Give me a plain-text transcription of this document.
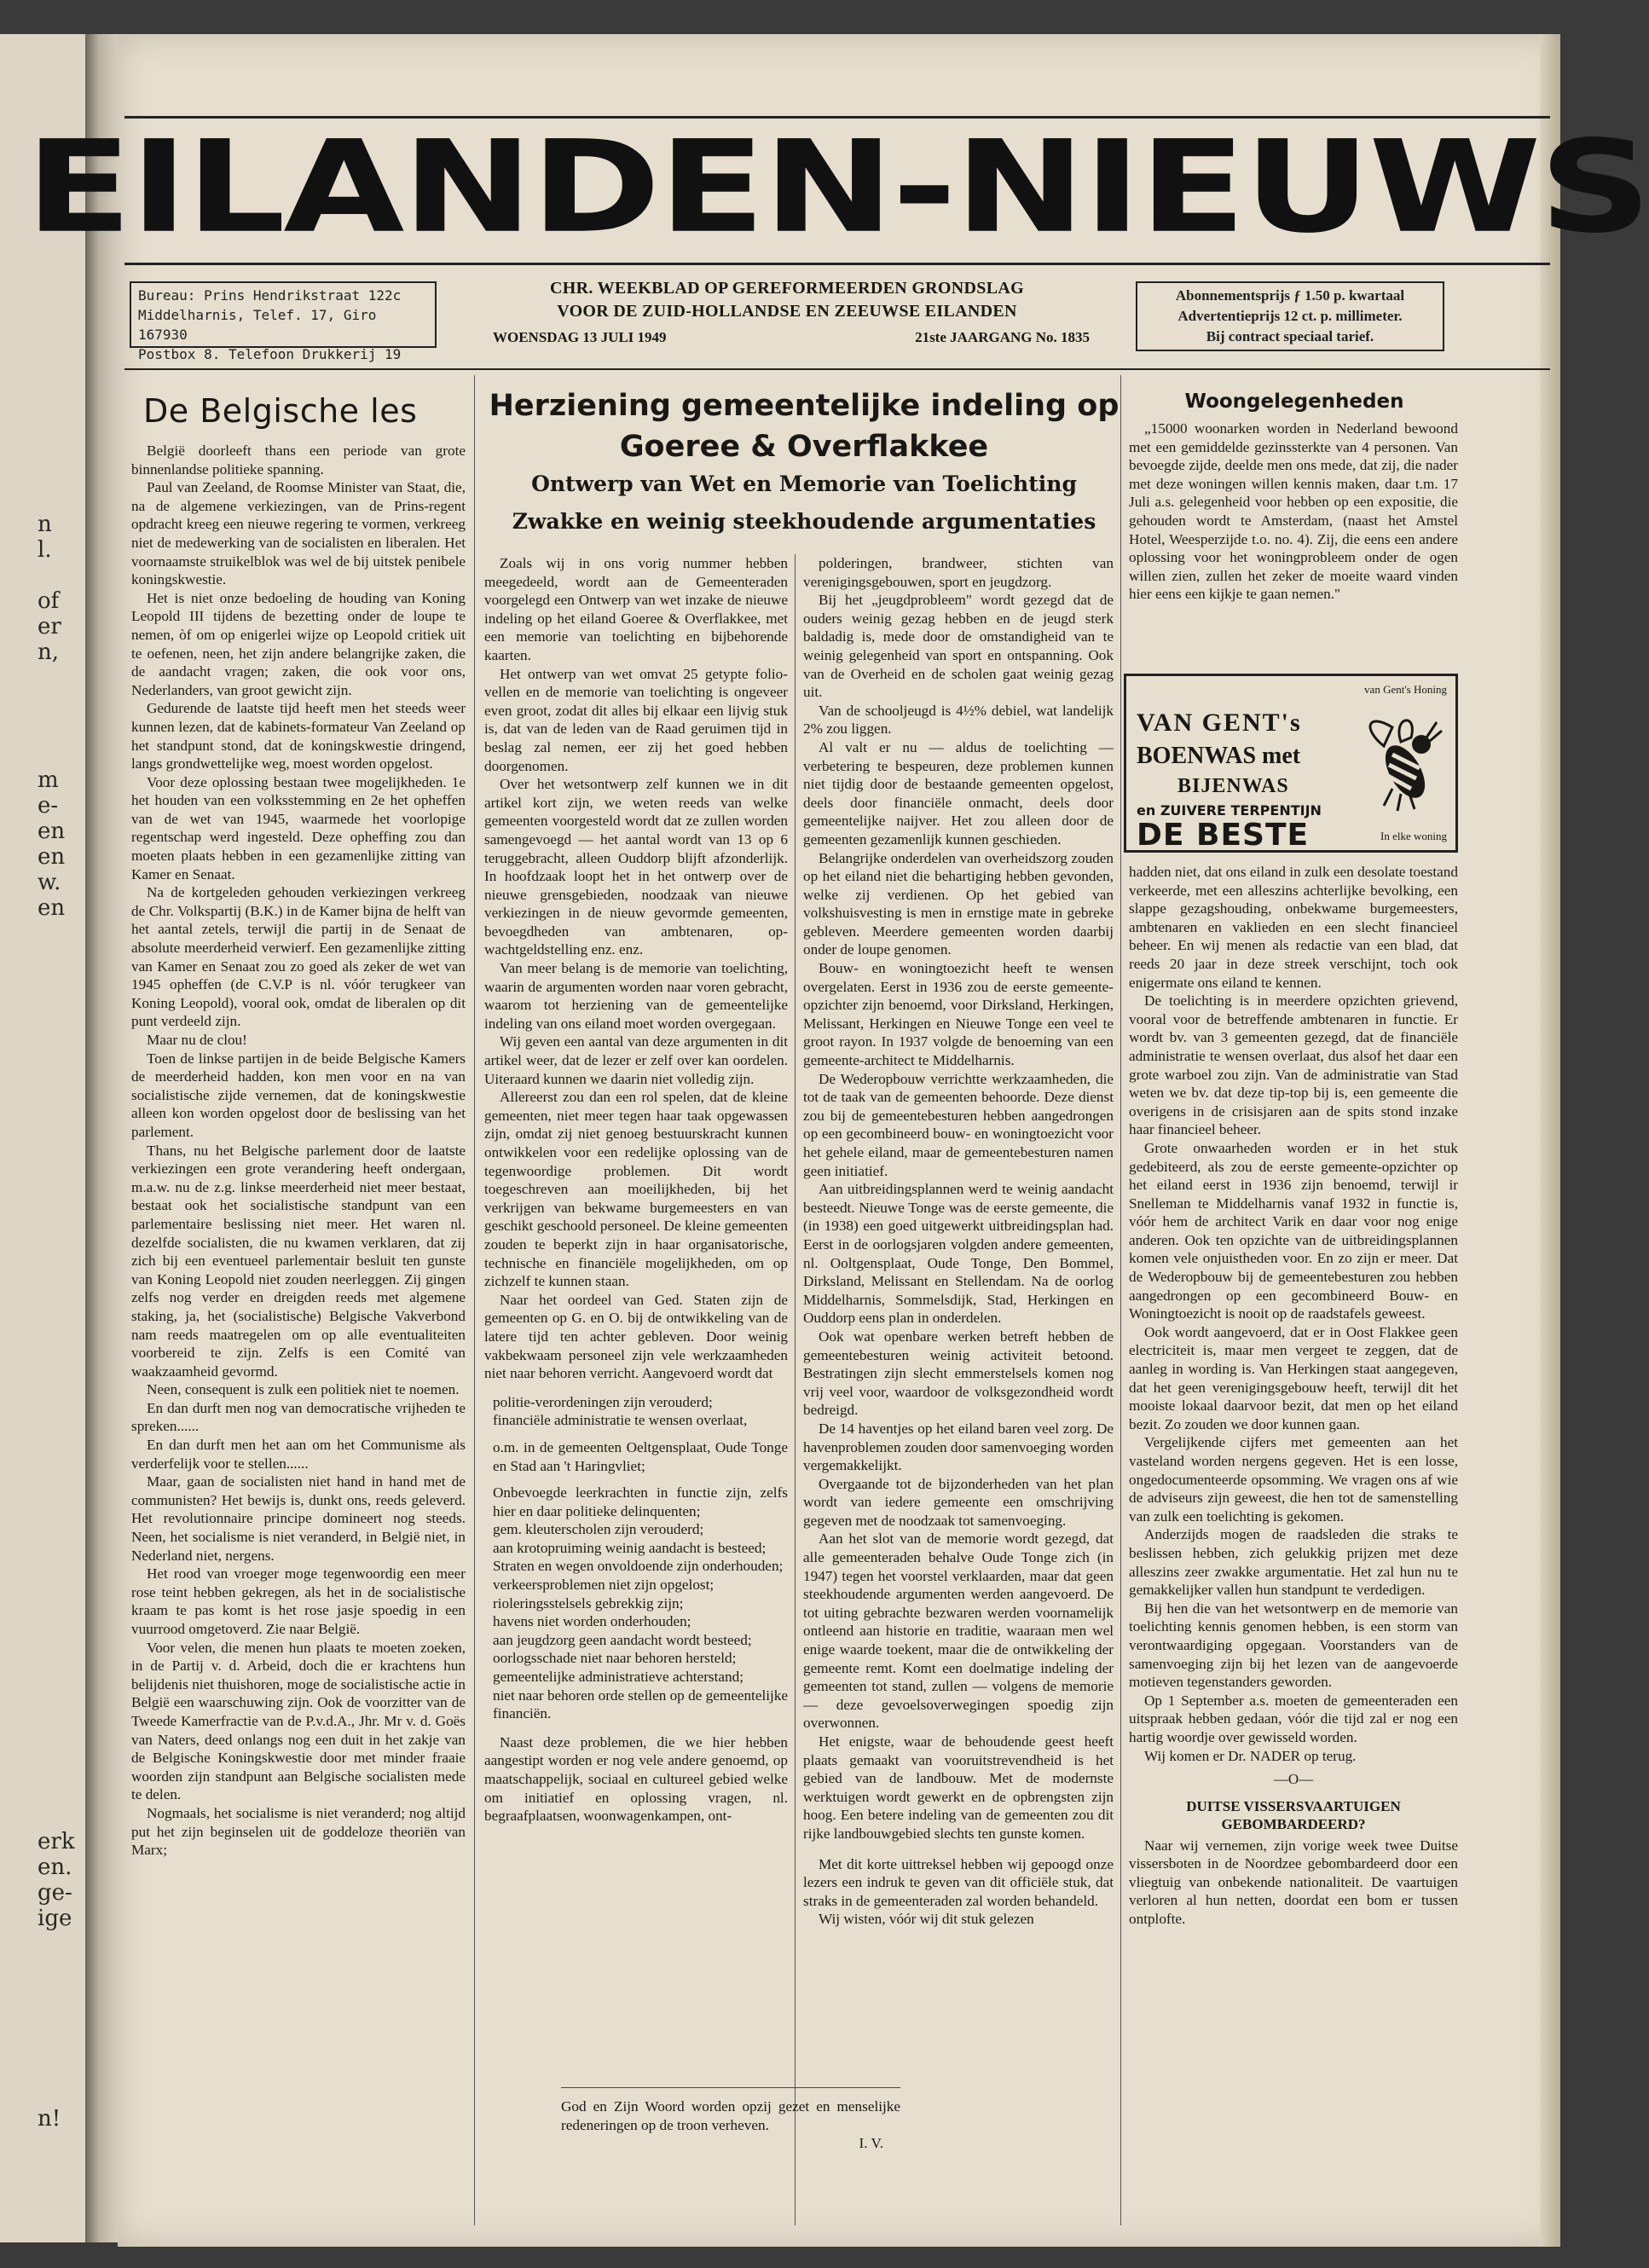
n
l.
of
er
n,
m
e-
en
en
w.
en
erk
en.
ge-
ige
n!
EILANDEN-NIEUWS
Bureau: Prins Hendrikstraat 122c
Middelharnis, Telef. 17, Giro 167930
Postbox 8. Telefoon Drukkerij 19
CHR. WEEKBLAD OP GEREFORMEERDEN GRONDSLAG
VOOR DE ZUID-HOLLANDSE EN ZEEUWSE EILANDEN
WOENSDAG 13 JULI 1949	21ste JAARGANG No. 1835
Abonnementsprijs ƒ 1.50 p. kwartaal
Advertentieprijs 12 ct. p. millimeter.
Bij contract speciaal tarief.
De Belgische les

België doorleeft thans een periode van grote binnenlandse politieke spanning.

Paul van Zeeland, de Roomse Minister van Staat, die, na de algemene verkiezingen, van de Prins-regent opdracht kreeg een nieuwe regering te vormen, verkreeg niet de medewerking van de socialisten en liberalen. Het voornaamste struikelblok was wel de bij uitstek penibele koningskwestie.

Het is niet onze bedoeling de houding van Koning Leopold III tijdens de bezetting onder de loupe te nemen, òf om op enigerlei wijze op Leopold critiek uit te oefenen, neen, het zijn andere belangrijke zaken, die de aandacht vragen; zaken, die ook voor ons, Nederlanders, van groot gewicht zijn.

Gedurende de laatste tijd heeft men het steeds weer kunnen lezen, dat de kabinets-formateur Van Zeeland op het standpunt stond, dat de koningskwestie dringend, langs grondwettelijke weg, moest worden opgelost.

Voor deze oplossing bestaan twee mogelijkheden. 1e het houden van een volksstemming en 2e het opheffen van de wet van 1945, waarmede het voorlopige regentschap werd ingesteld. Deze opheffing zou dan moeten plaats hebben in een gezamenlijke zitting van Kamer en Senaat.

Na de kortgeleden gehouden verkiezingen verkreeg de Chr. Volkspartij (B.K.) in de Kamer bijna de helft van het aantal zetels, terwijl die partij in de Senaat de absolute meerderheid verwierf. Een gezamenlijke zitting van Kamer en Senaat zou zo goed als zeker de wet van 1945 opheffen (de C.V.P is nl. vóór terugkeer van Koning Leopold), vooral ook, omdat de liberalen op dit punt verdeeld zijn.

Maar nu de clou!

Toen de linkse partijen in de beide Belgische Kamers de meerderheid hadden, kon men voor en na van socialistische zijde vernemen, dat de koningskwestie alleen kon worden opgelost door de beslissing van het parlement.

Thans, nu het Belgische parlement door de laatste verkiezingen een grote verandering heeft ondergaan, m.a.w. nu de z.g. linkse meerderheid niet meer bestaat, bestaat ook het socialistische standpunt van een parlementaire beslissing niet meer. Het waren nl. dezelfde socialisten, die nu kwamen verklaren, dat zij zich bij een eventueel parlementair besluit ten gunste van Koning Leopold niet zouden neerleggen. Zij gingen zelfs nog verder en dreigden reeds met algemene staking, ja, het (socialistische) Belgische Vakverbond nam reeds maatregelen om op alle eventualiteiten voorbereid te zijn. Zelfs is een Comité van waakzaamheid gevormd.

Neen, consequent is zulk een politiek niet te noemen.

En dan durft men nog van democratische vrijheden te spreken......

En dan durft men het aan om het Communisme als verderfelijk voor te stellen......

Maar, gaan de socialisten niet hand in hand met de communisten? Het bewijs is, dunkt ons, reeds geleverd. Het revolutionnaire principe domineert nog steeds. Neen, het socialisme is niet veranderd, in België niet, in Nederland niet, nergens.

Het rood van vroeger moge tegenwoordig een meer rose teint hebben gekregen, als het in de socialistische kraam te pas komt is het rose jasje spoedig in een vuurrood omgetoverd. Zie naar België.

Voor velen, die menen hun plaats te moeten zoeken, in de Partij v. d. Arbeid, doch die er krachtens hun belijdenis niet thuishoren, moge de socialistische actie in België een waarschuwing zijn. Ook de voorzitter van de Tweede Kamerfractie van de P.v.d.A., Jhr. Mr v. d. Goës van Naters, deed onlangs nog een duit in het zakje van de Belgische Koningskwestie door met minder fraaie woorden zijn standpunt aan Belgische socialisten mede te delen.

Nogmaals, het socialisme is niet veranderd; nog altijd put het zijn beginselen uit de goddeloze theoriën van Marx;

Herziening gemeentelijke indeling op Goeree & Overflakkee
Ontwerp van Wet en Memorie van Toelichting
Zwakke en weinig steekhoudende argumentaties

Zoals wij in ons vorig nummer hebben meegedeeld, wordt aan de Gemeenteraden voorgelegd een Ontwerp van wet inzake de nieuwe indeling op het eiland Goeree & Overflakkee, met een memorie van toelichting en bijbehorende kaarten.

Het ontwerp van wet omvat 25 getypte folio-vellen en de memorie van toelichting is ongeveer even groot, zodat dit alles bij elkaar een lijvig stuk is, dat van de leden van de Raad geruimen tijd in beslag zal nemen, eer zij het goed hebben doorgenomen.

Over het wetsontwerp zelf kunnen we in dit artikel kort zijn, we weten reeds van welke gemeenten voorgesteld wordt dat ze zullen worden samengevoegd — het aantal wordt van 13 op 6 teruggebracht, alleen Ouddorp blijft afzonderlijk. In hoofdzaak loopt het in het ontwerp over de nieuwe grensgebieden, noodzaak van nieuwe verkiezingen in de nieuw gevormde gemeenten, bevoegdheden van ambtenaren, op-wachtgeldstelling enz. enz.

Van meer belang is de memorie van toelichting, waarin de argumenten worden naar voren gebracht, waarom tot herziening van de gemeentelijke indeling van ons eiland moet worden overgegaan.

Wij geven een aantal van deze argumenten in dit artikel weer, dat de lezer er zelf over kan oordelen. Uiteraard kunnen we daarin niet volledig zijn.

Allereerst zou dan een rol spelen, dat de kleine gemeenten, niet meer tegen haar taak opgewassen zijn, omdat zij niet genoeg bestuurskracht kunnen ontwikkelen voor een redelijke oplossing van de tegenwoordige problemen. Dit wordt toegeschreven aan moeilijkheden, bij het verkrijgen van bekwame burgemeesters en van geschikt geschoold personeel. De kleine gemeenten zouden te beperkt zijn in haar organisatorische, technische en financiële mogelijkheden, om op zichzelf te kunnen staan.

Naar het oordeel van Ged. Staten zijn de gemeenten op G. en O. bij de ontwikkeling van de latere tijd ten achter gebleven. Door weinig vakbekwaam personeel zijn vele werkzaamheden niet naar behoren verricht. Aangevoerd wordt dat

politie-verordeningen zijn verouderd;
financiële administratie te wensen overlaat,
o.m. in de gemeenten Oeltgensplaat, Oude Tonge en Stad aan 't Haringvliet;
Onbevoegde leerkrachten in functie zijn, zelfs hier en daar politieke delinquenten;
gem. kleuterscholen zijn verouderd;
aan krotopruiming weinig aandacht is besteed;
Straten en wegen onvoldoende zijn onderhouden;
verkeersproblemen niet zijn opgelost;
rioleringsstelsels gebrekkig zijn;
havens niet worden onderhouden;
aan jeugdzorg geen aandacht wordt besteed;
oorlogsschade niet naar behoren hersteld;
gemeentelijke administratieve achterstand;
niet naar behoren orde stellen op de gemeentelijke financiën.

Naast deze problemen, die we hier hebben aangestipt worden er nog vele andere genoemd, op maatschappelijk, sociaal en cultureel gebied welke om initiatief en oplossing vragen, nl. begraafplaatsen, woonwagenkampen, ont-

God en Zijn Woord worden opzij gezet en menselijke redeneringen op de troon verheven.

I. V.

polderingen, brandweer, stichten van verenigingsgebouwen, sport en jeugdzorg.

Bij het „jeugdprobleem" wordt gezegd dat de ouders weinig gezag hebben en de jeugd sterk baldadig is, mede door de omstandigheid van te weinig gelegenheid van sport en ontspanning. Ook van de Overheid en de scholen gaat weinig gezag uit.

Van de schooljeugd is 4½% debiel, wat landelijk 2% zou liggen.

Al valt er nu — aldus de toelichting — verbetering te bespeuren, deze problemen kunnen niet tijdig door de bestaande gemeenten opgelost, deels door financiële onmacht, deels door gemeentelijke naijver. Het zou alleen door de gemeenten gezamenlijk kunnen geschieden.

Belangrijke onderdelen van overheidszorg zouden op het eiland niet die behartiging hebben gevonden, welke zij verdienen. Op het gebied van volkshuisvesting is men in ernstige mate in gebreke gebleven. Meerdere gemeenten worden daarbij onder de loupe genomen.

Bouw- en woningtoezicht heeft te wensen overgelaten. Eerst in 1936 zou de eerste gemeente-opzichter zijn benoemd, voor Dirksland, Herkingen, Melissant, Herkingen en Nieuwe Tonge een veel te groot rayon. In 1937 volgde de benoeming van een gemeente-architect te Middelharnis.

De Wederopbouw verrichtte werkzaamheden, die tot de taak van de gemeenten behoorde. Deze dienst zou bij de gemeentebesturen hebben aangedrongen op een gecombineerd bouw- en woningtoezicht voor het gehele eiland, maar de gemeentebesturen namen geen initiatief.

Aan uitbreidingsplannen werd te weinig aandacht besteedt. Nieuwe Tonge was de eerste gemeente, die (in 1938) een goed uitgewerkt uitbreidingsplan had. Eerst in de oorlogsjaren volgden andere gemeenten, nl. Ooltgensplaat, Oude Tonge, Den Bommel, Dirksland, Melissant en Stellendam. Na de oorlog Middelharnis, Sommelsdijk, Stad, Herkingen en Ouddorp eens plan in onderdelen.

Ook wat openbare werken betreft hebben de gemeentebesturen weinig activiteit betoond. Bestratingen zijn slecht emmerstelsels komen nog vrij veel voor, waardoor de volksgezondheid wordt bedreigd.

De 14 haventjes op het eiland baren veel zorg. De havenproblemen zouden door samenvoeging worden vergemakkelijkt.

Overgaande tot de bijzonderheden van het plan wordt van iedere gemeente een omschrijving gegeven met de noodzaak tot samenvoeging.

Aan het slot van de memorie wordt gezegd, dat alle gemeenteraden behalve Oude Tonge zich (in 1947) tegen het voorstel verklaarden, maar dat geen steekhoudende argumenten werden aangevoerd. De tot uiting gebrachte bezwaren werden voornamelijk ontleend aan historie en traditie, waaraan men wel enige waarde toekent, maar die de ontwikkeling der gemeente remt. Komt een doelmatige indeling der gemeenten tot stand, zullen — volgens de memorie — deze gevoelsoverwegingen spoedig zijn overwonnen.

Het enigste, waar de behoudende geest heeft plaats gemaakt van vooruitstrevendheid is het gebied van de landbouw. Met de modernste werktuigen wordt gewerkt en de opbrengsten zijn hoog. Een betere indeling van de gemeenten zou dit rijke landbouwgebied slechts ten gunste komen.

Met dit korte uittreksel hebben wij gepoogd onze lezers een indruk te geven van dit officiële stuk, dat straks in de gemeenteraden zal worden behandeld.

Wij wisten, vóór wij dit stuk gelezen

Woongelegenheden

„15000 woonarken worden in Nederland bewoond met een gemiddelde gezinssterkte van 4 personen. Van bevoegde zijde, deelde men ons mede, dat zij, die nader met deze woningen willen kennis maken, daar t.m. 17 Juli a.s. gelegenheid voor hebben op een expositie, die gehouden wordt te Amsterdam, (naast het Amstel Hotel, Weesperzijde t.o. no. 4). Zij, die eens een andere oplossing voor het woningprobleem onder de ogen willen zien, zullen het zeker de moeite waard vinden hier eens een kijkje te gaan nemen."

van Gent's Honing
VAN GENT's
BOENWAS met
BIJENWAS
en ZUIVERE TERPENTIJN
DE BESTE	In elke woning

hadden niet, dat ons eiland in zulk een desolate toestand verkeerde, met een alleszins achterlijke bevolking, een slappe gezagshouding, onbekwame burgemeesters, ambtenaren en vaklieden en een slecht financieel beheer. En wij menen als redactie van een blad, dat reeds 20 jaar in deze streek verschijnt, toch ook enigermate ons eiland te kennen.

De toelichting is in meerdere opzichten grievend, vooral voor de betreffende ambtenaren in functie. Er wordt bv. van 3 gemeenten gezegd, dat de financiële administratie te wensen overlaat, dus alsof het daar een grote warboel zou zijn. Van de administratie van Stad weten we bv. dat deze tip-top bij is, een gemeente die overigens in de crisisjaren aan de spits stond inzake haar financieel beheer.

Grote onwaarheden worden er in het stuk gedebiteerd, als zou de eerste gemeente-opzichter op het eiland eerst in 1936 zijn benoemd, terwijl ir Snelleman te Middelharnis vanaf 1932 in functie is, vóór hem de architect Varik en daar voor nog enige anderen. Ook ten opzichte van de uitbreidingsplannen komen vele onjuistheden voor. En zo zijn er meer. Dat de Wederopbouw bij de gemeentebesturen zou hebben aangedrongen op een gecombineerd Bouw- en Woningtoezicht is nooit op de raadstafels geweest.

Ook wordt aangevoerd, dat er in Oost Flakkee geen electriciteit is, maar men vergeet te zeggen, dat de aanleg in wording is. Van Herkingen staat aangegeven, dat het geen verenigingsgebouw heeft, terwijl dit het mooiste lokaal daarvoor bezit, dat men op het eiland bezit. Zo zouden we door kunnen gaan.

Vergelijkende cijfers met gemeenten aan het vasteland worden nergens gegeven. Het is een losse, ongedocumenteerde opsomming. We vragen ons af wie de adviseurs zijn geweest, die hen tot de samenstelling van zulk een toelichting is gekomen.

Anderzijds mogen de raadsleden die straks te beslissen hebben, zich gelukkig prijzen met deze alleszins zeer zwakke argumentatie. Het zal hun nu te gemakkelijker vallen hun standpunt te verdedigen.

Bij hen die van het wetsontwerp en de memorie van toelichting kennis genomen hebben, is een storm van verontwaardiging opgegaan. Voorstanders van de samenvoeging zijn bij het lezen van de aangevoerde motieven tegenstanders geworden.

Op 1 September a.s. moeten de gemeenteraden een uitspraak hebben gedaan, vóór die tijd zal er nog een hartig woordje over gewisseld worden.

Wij komen er Dr. NADER op terug.

—O—
DUITSE VISSERSVAARTUIGEN GEBOMBARDEERD?

Naar wij vernemen, zijn vorige week twee Duitse vissersboten in de Noordzee gebombardeerd door een vliegtuig van onbekende nationaliteit. De vaartuigen verloren al hun netten, doordat een bom er tussen ontplofte.
